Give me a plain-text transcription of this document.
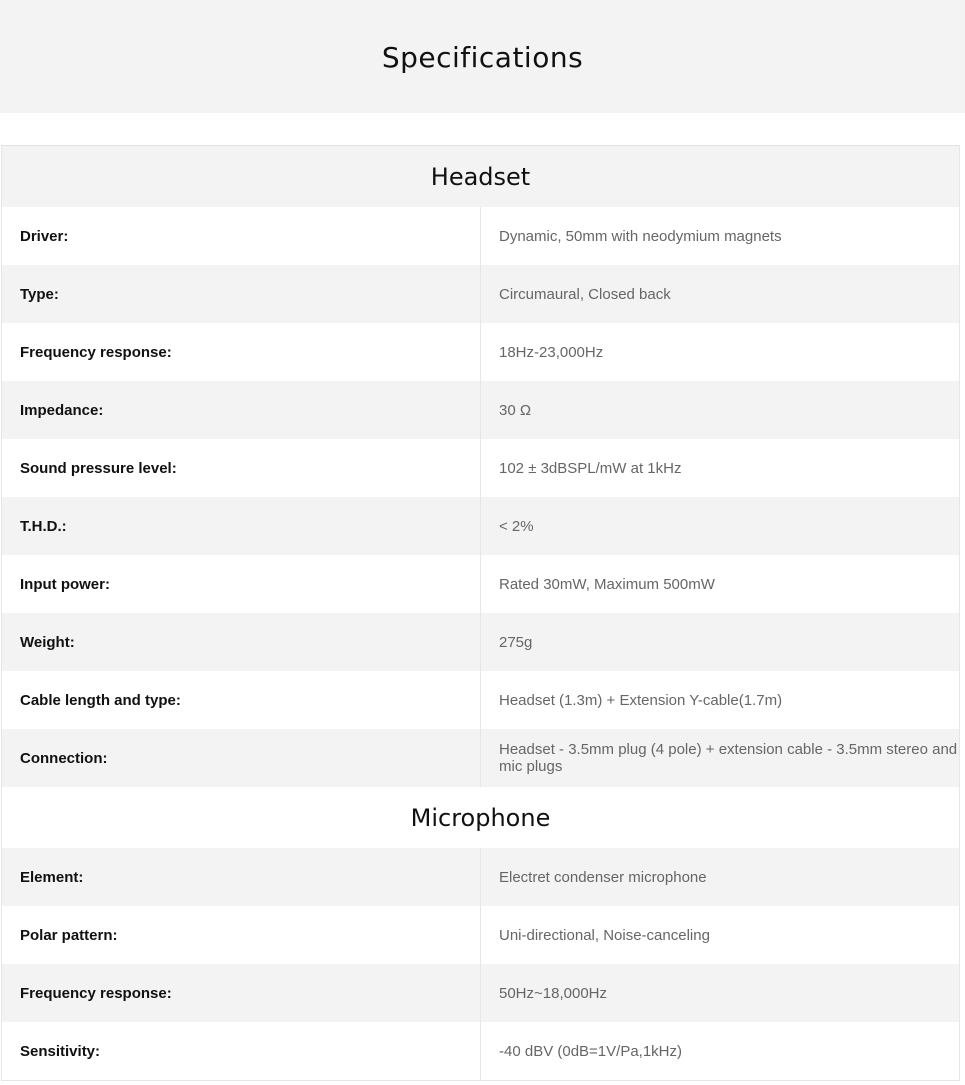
Specifications
Headset	
Driver:	Dynamic, 50mm with neodymium magnets
Type:	Circumaural, Closed back
Frequency response:	18Hz-23,000Hz
Impedance:	30 Ω
Sound pressure level:	102 ± 3dBSPL/mW at 1kHz
T.H.D.:	< 2%
Input power:	Rated 30mW, Maximum 500mW
Weight:	275g
Cable length and type:	Headset (1.3m) + Extension Y-cable(1.7m)
Connection:	Headset - 3.5mm plug (4 pole) + extension cable - 3.5mm stereo and mic plugs
Microphone	
Element:	Electret condenser microphone
Polar pattern:	Uni-directional, Noise-canceling
Frequency response:	50Hz~18,000Hz
Sensitivity:	-40 dBV (0dB=1V/Pa,1kHz)
